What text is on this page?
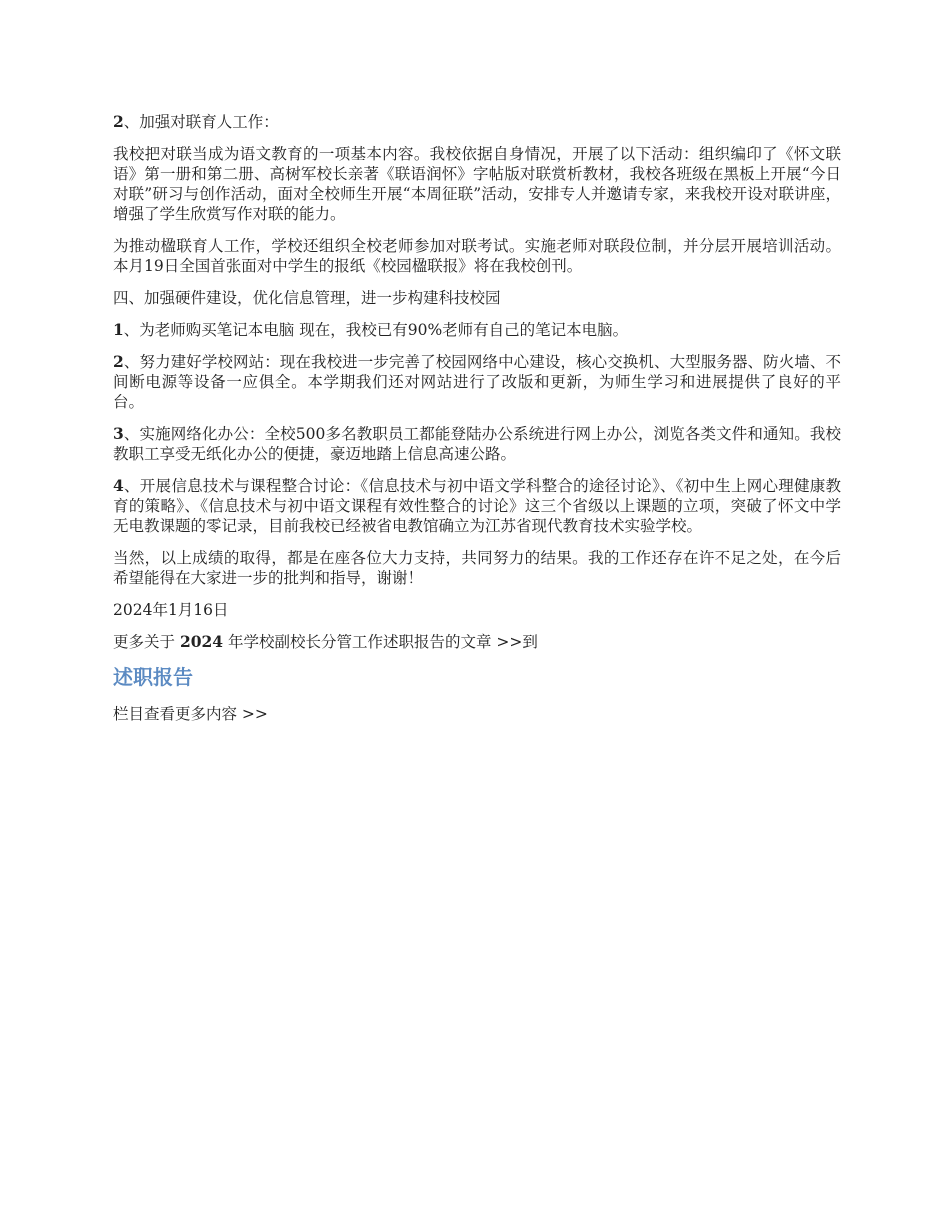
2、加强对联育人工作：

我校把对联当成为语文教育的一项基本内容。我校依据自身情况，开展了以下活动：组织编印了《怀文联语》第一册和第二册、高树军校长亲著《联语润怀》字帖版对联赏析教材，我校各班级在黑板上开展“今日对联”研习与创作活动，面对全校师生开展“本周征联”活动，安排专人并邀请专家，来我校开设对联讲座，增强了学生欣赏写作对联的能力。

为推动楹联育人工作，学校还组织全校老师参加对联考试。实施老师对联段位制，并分层开展培训活动。本月19日全国首张面对中学生的报纸《校园楹联报》将在我校创刊。

四、加强硬件建设，优化信息管理，进一步构建科技校园

1、为老师购买笔记本电脑 现在，我校已有90%老师有自己的笔记本电脑。

2、努力建好学校网站：现在我校进一步完善了校园网络中心建设，核心交换机、大型服务器、防火墙、不间断电源等设备一应俱全。本学期我们还对网站进行了改版和更新，为师生学习和进展提供了良好的平台。

3、实施网络化办公：全校500多名教职员工都能登陆办公系统进行网上办公，浏览各类文件和通知。我校教职工享受无纸化办公的便捷，豪迈地踏上信息高速公路。

4、开展信息技术与课程整合讨论：《信息技术与初中语文学科整合的途径讨论》、《初中生上网心理健康教育的策略》、《信息技术与初中语文课程有效性整合的讨论》这三个省级以上课题的立项，突破了怀文中学无电教课题的零记录，目前我校已经被省电教馆确立为江苏省现代教育技术实验学校。

当然，以上成绩的取得，都是在座各位大力支持，共同努力的结果。我的工作还存在许不足之处，在今后希望能得在大家进一步的批判和指导，谢谢！

2024年1月16日

更多关于 2024 年学校副校长分管工作述职报告的文章 >>到

述职报告

栏目查看更多内容 >>
